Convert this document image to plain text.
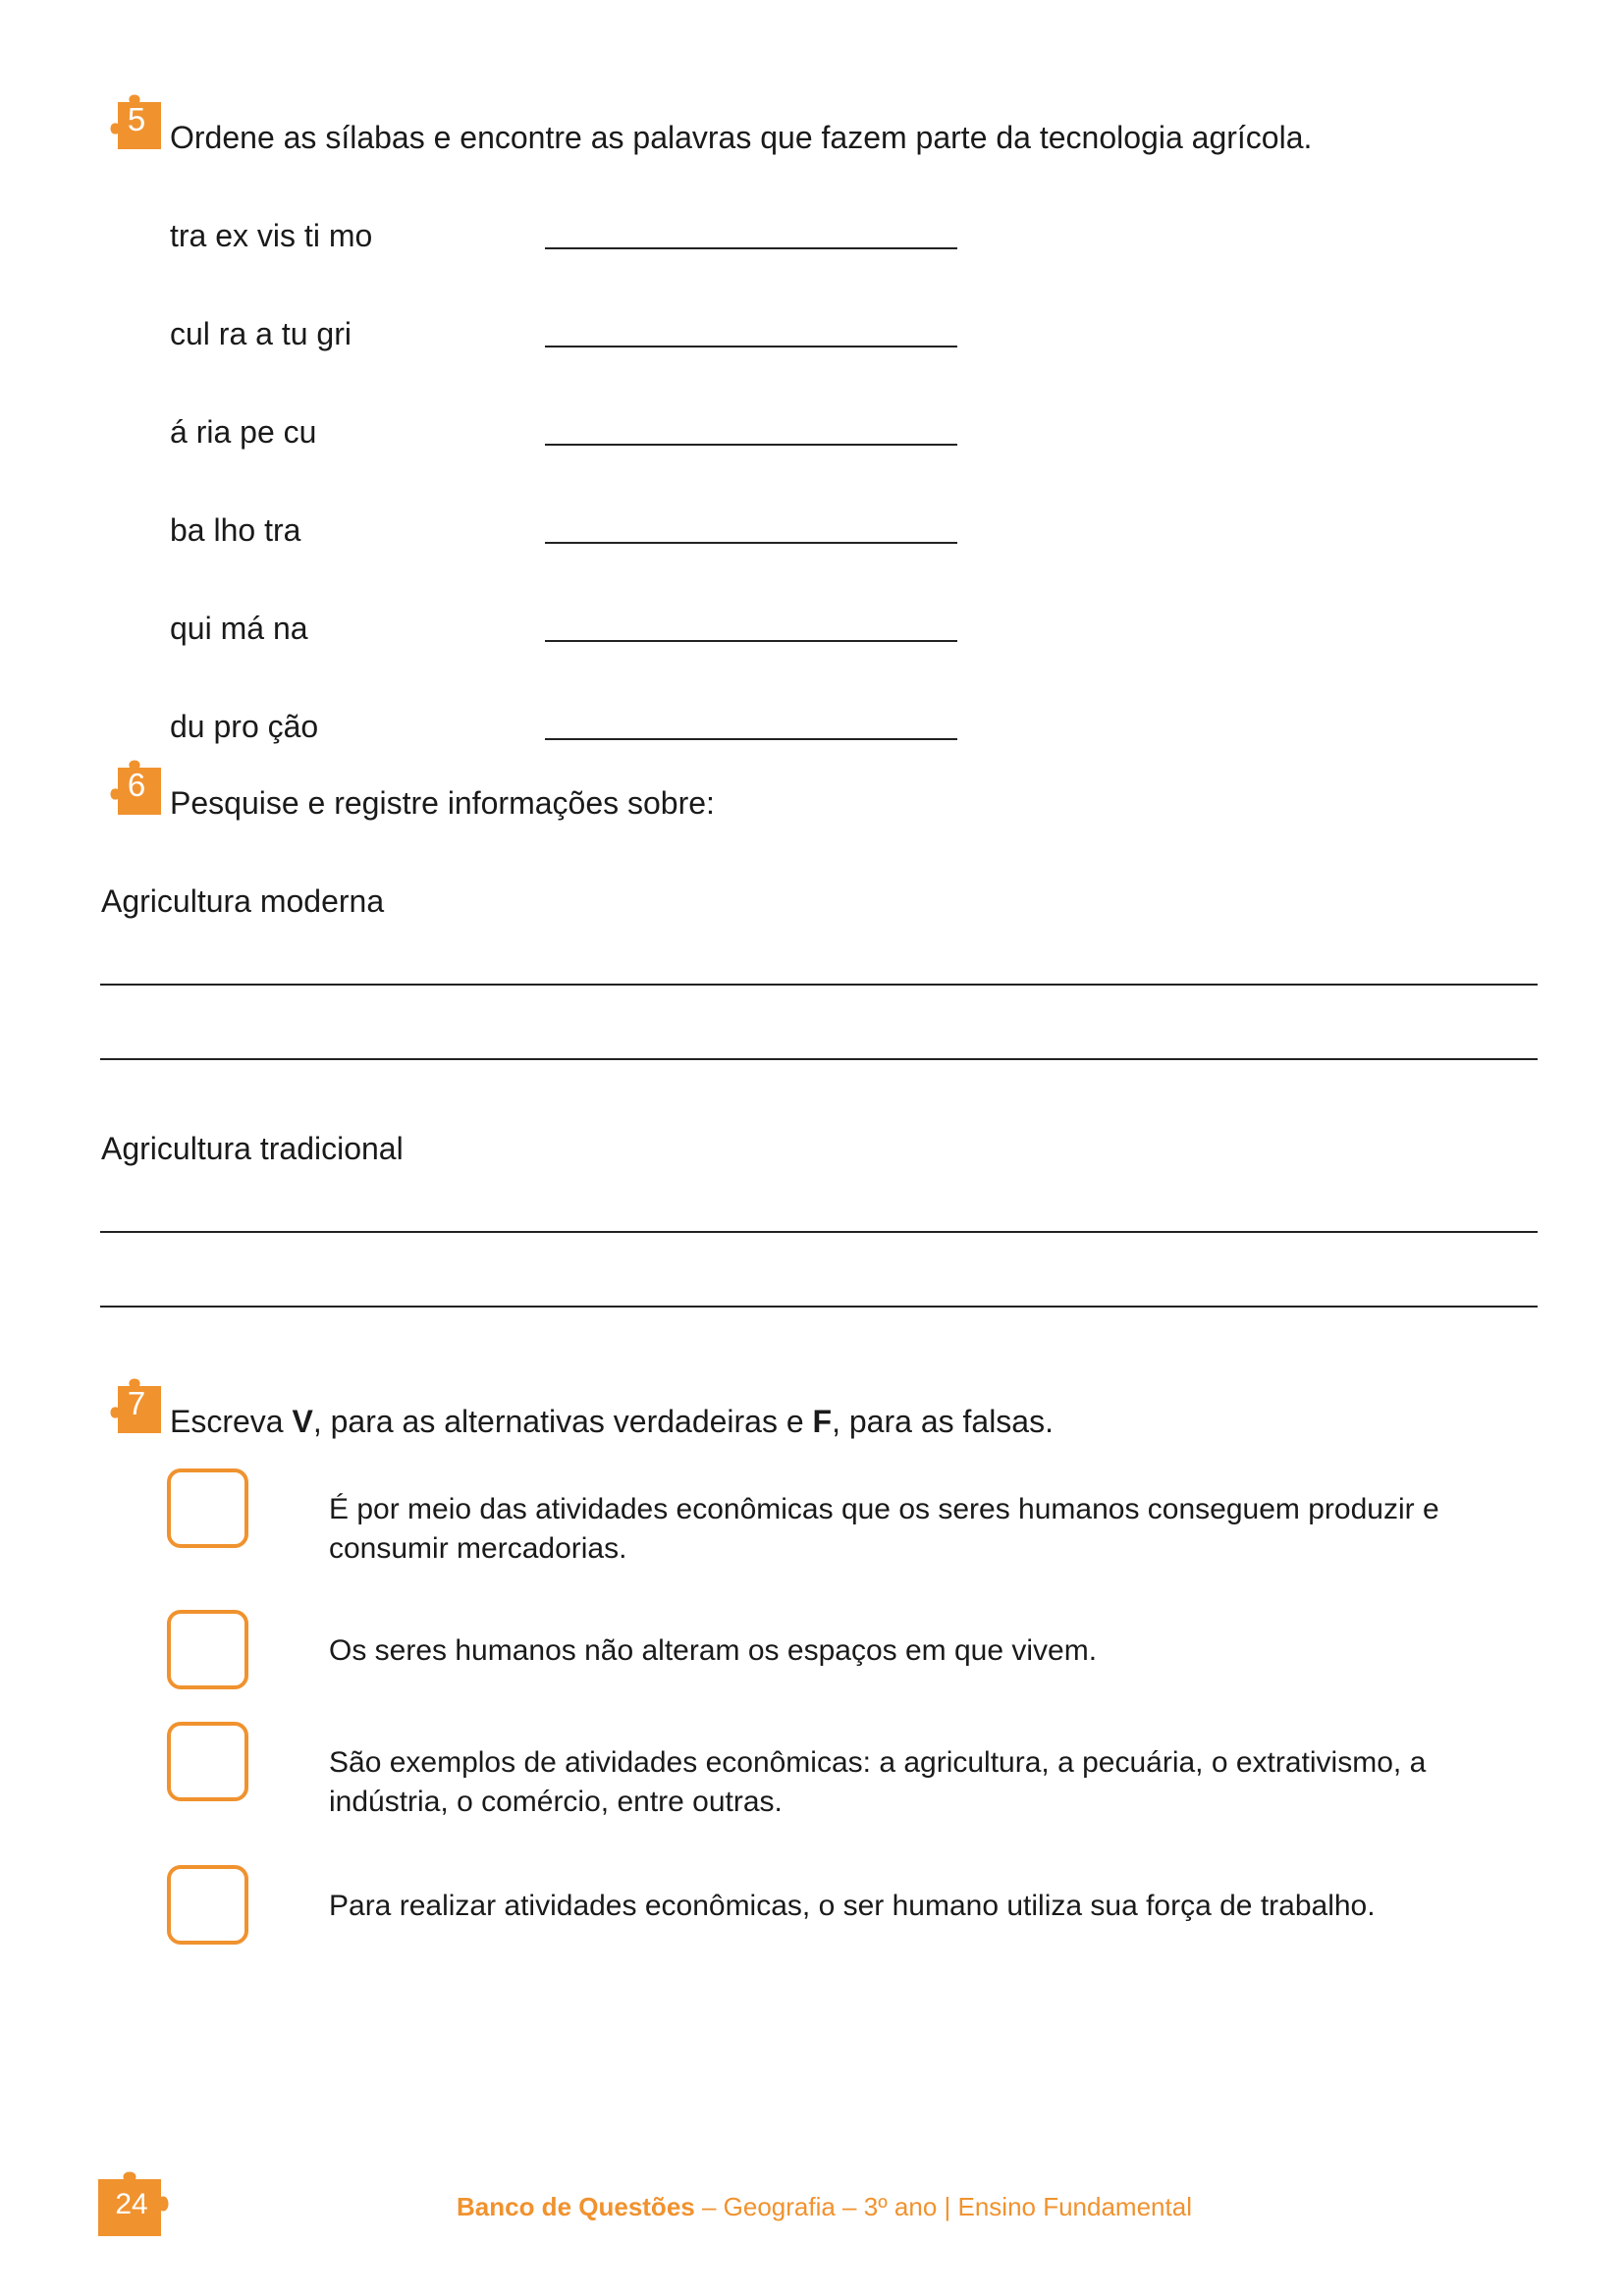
5 Ordene as sílabas e encontre as palavras que fazem parte da tecnologia agrícola.
tra ex vis ti mo
cul ra a tu gri
á ria pe cu
ba lho tra
qui má na
du pro ção
6 Pesquise e registre informações sobre:
Agricultura moderna
Agricultura tradicional
7 Escreva V, para as alternativas verdadeiras e F, para as falsas.
É por meio das atividades econômicas que os seres humanos conseguem produzir e consumir mercadorias.
Os seres humanos não alteram os espaços em que vivem.
São exemplos de atividades econômicas: a agricultura, a pecuária, o extrativismo, a indústria, o comércio, entre outras.
Para realizar atividades econômicas, o ser humano utiliza sua força de trabalho.
24	Banco de Questões – Geografia – 3º ano | Ensino Fundamental
